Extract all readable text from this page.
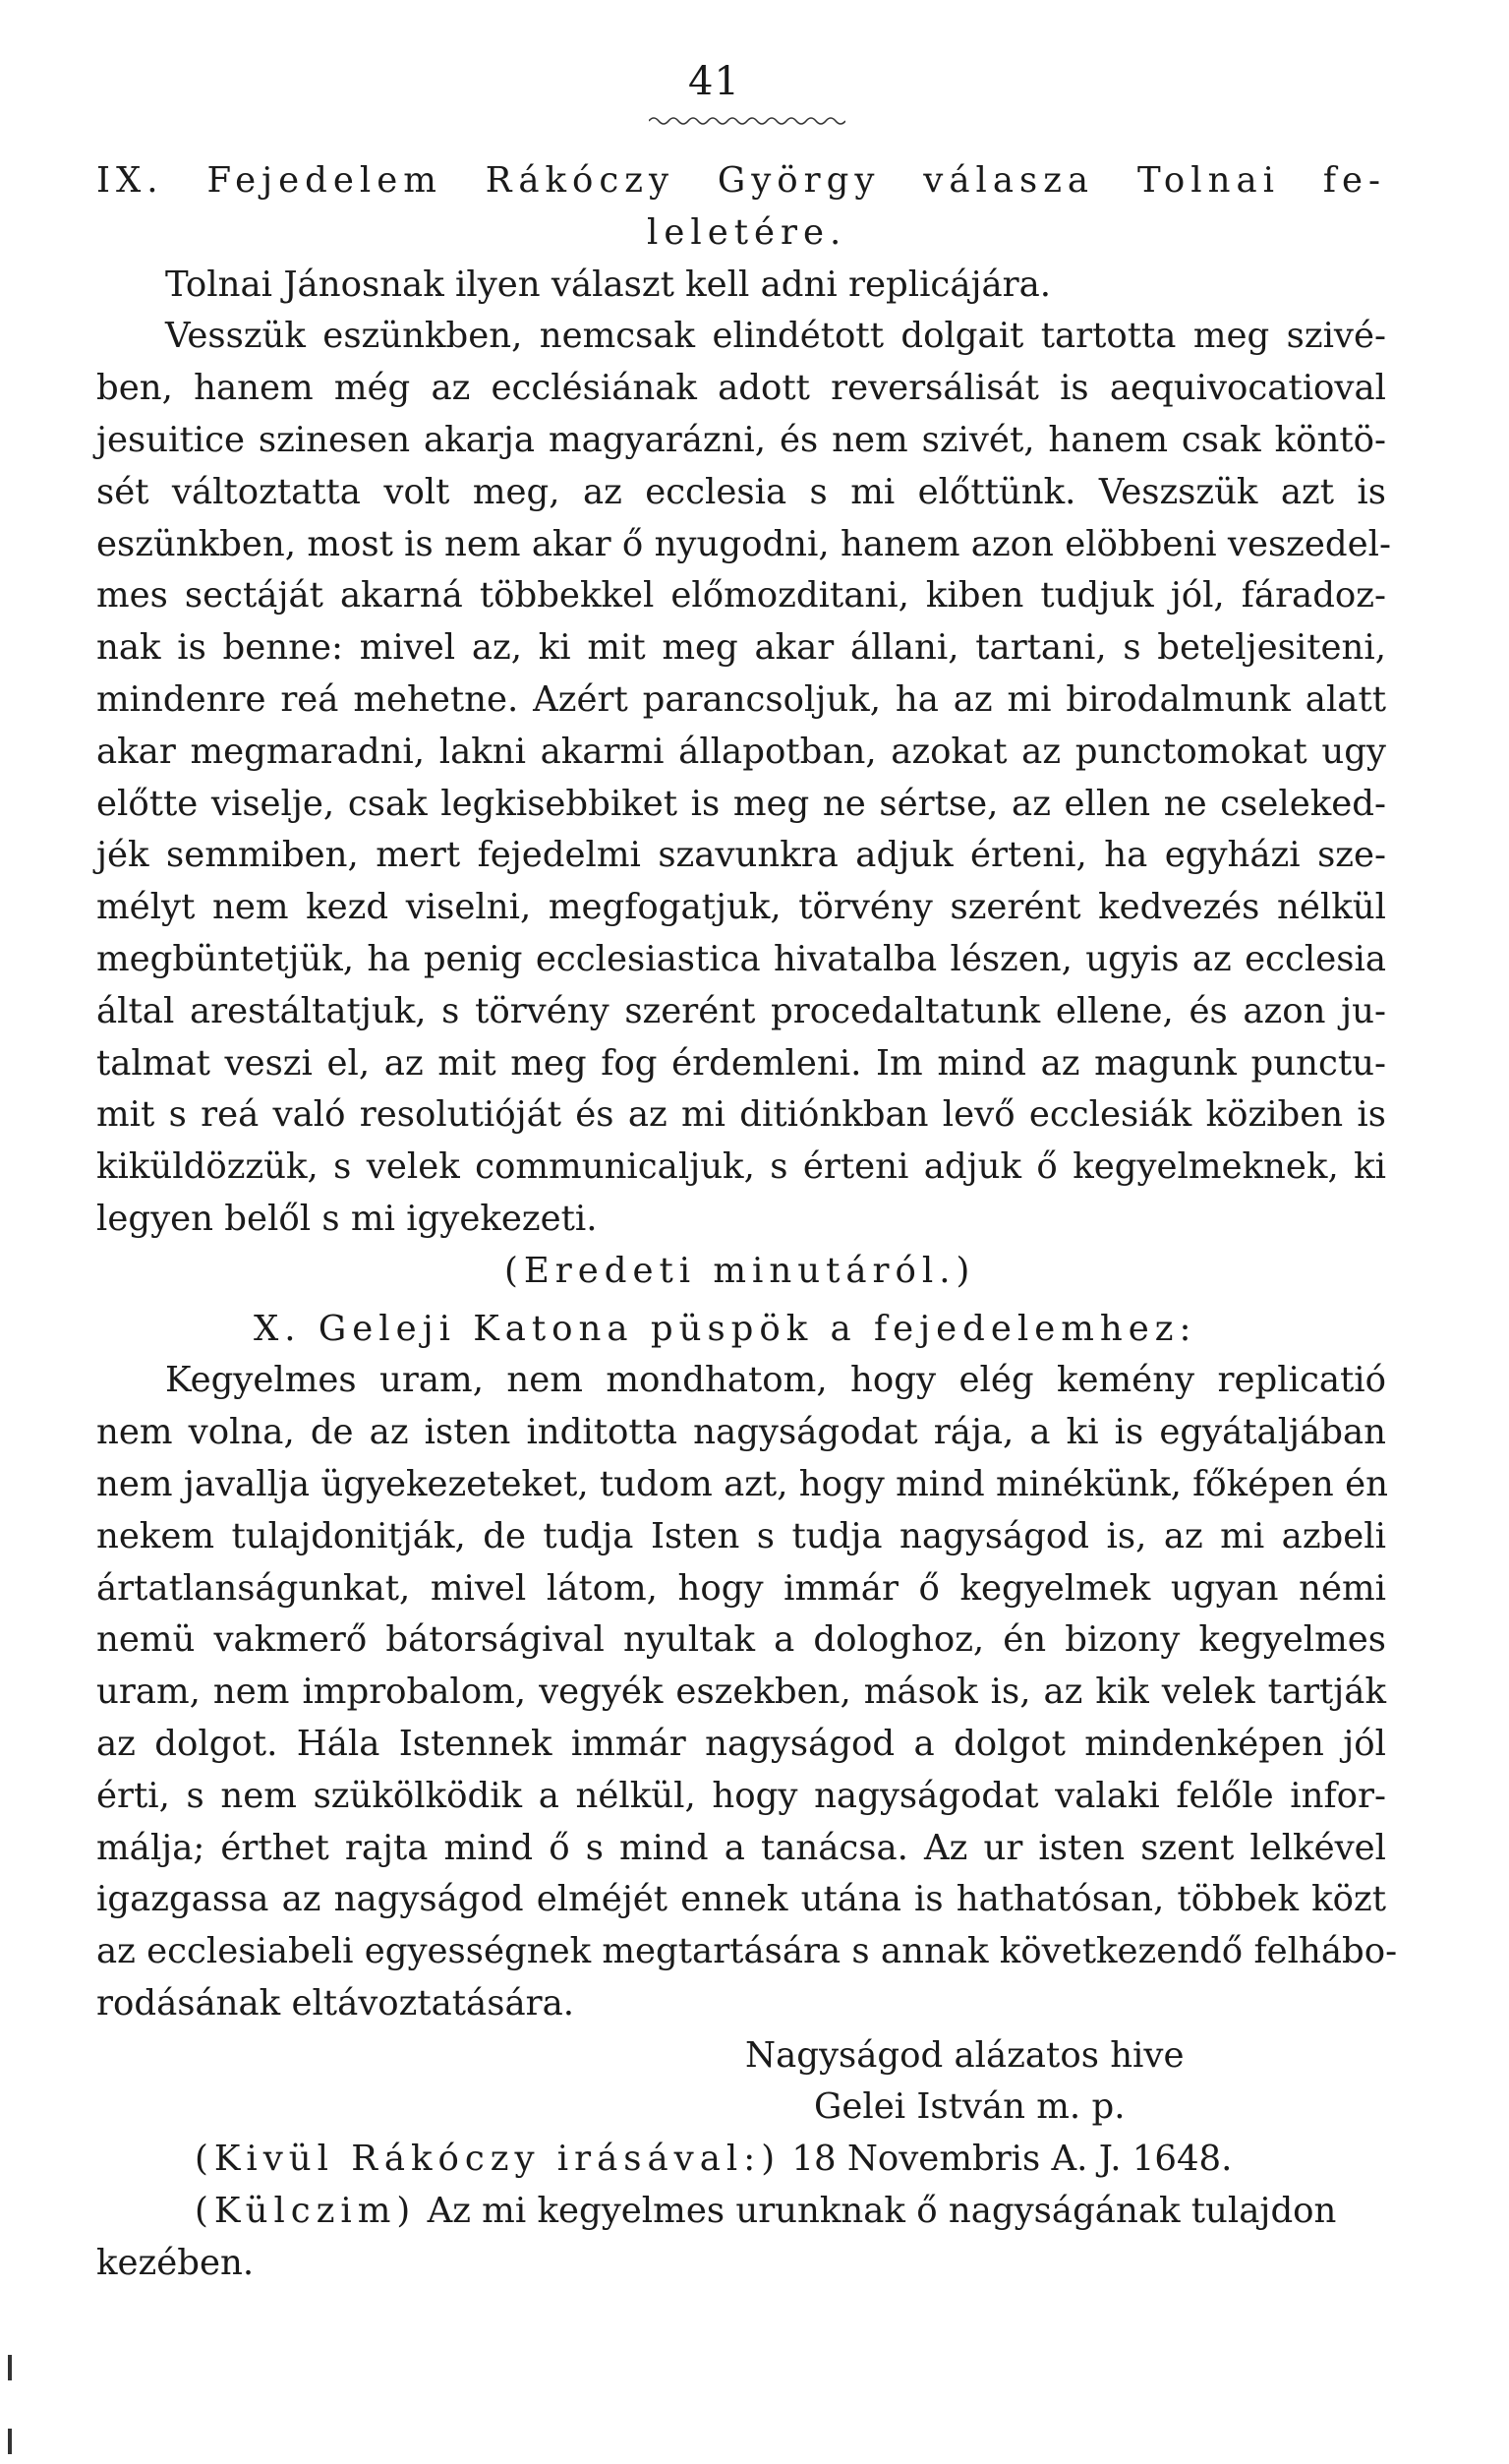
41
IX. Fejedelem Rákóczy György válasza Tolnai fe-
leletére.
Tolnai Jánosnak ilyen választ kell adni replicájára.
Vesszük eszünkben, nemcsak elindétott dolgait tartotta meg szivé-
ben, hanem még az ecclésiának adott reversálisát is aequivocatioval
jesuitice szinesen akarja magyarázni, és nem szivét, hanem csak köntö-
sét változtatta volt meg, az ecclesia s mi előttünk. Veszszük azt is
eszünkben, most is nem akar ő nyugodni, hanem azon elöbbeni veszedel-
mes sectáját akarná többekkel előmozditani, kiben tudjuk jól, fáradoz-
nak is benne: mivel az, ki mit meg akar állani, tartani, s beteljesiteni,
mindenre reá mehetne. Azért parancsoljuk, ha az mi birodalmunk alatt
akar megmaradni, lakni akarmi állapotban, azokat az punctomokat ugy
előtte viselje, csak legkisebbiket is meg ne sértse, az ellen ne cseleked-
jék semmiben, mert fejedelmi szavunkra adjuk érteni, ha egyházi sze-
mélyt nem kezd viselni, megfogatjuk, törvény szerént kedvezés nélkül
megbüntetjük, ha penig ecclesiastica hivatalba lészen, ugyis az ecclesia
által arestáltatjuk, s törvény szerént procedaltatunk ellene, és azon ju-
talmat veszi el, az mit meg fog érdemleni. Im mind az magunk punctu-
mit s reá való resolutióját és az mi ditiónkban levő ecclesiák köziben is
kiküldözzük, s velek communicaljuk, s érteni adjuk ő kegyelmeknek, ki
legyen belől s mi igyekezeti.
(Eredeti minutáról.)
X. Geleji Katona püspök a fejedelemhez:
Kegyelmes uram, nem mondhatom, hogy elég kemény replicatió
nem volna, de az isten inditotta nagyságodat rája, a ki is egyátaljában
nem javallja ügyekezeteket, tudom azt, hogy mind minékünk, főképen én
nekem tulajdonitják, de tudja Isten s tudja nagyságod is, az mi azbeli
ártatlanságunkat, mivel látom, hogy immár ő kegyelmek ugyan némi
nemü vakmerő bátorságival nyultak a dologhoz, én bizony kegyelmes
uram, nem improbalom, vegyék eszekben, mások is, az kik velek tartják
az dolgot. Hála Istennek immár nagyságod a dolgot mindenképen jól
érti, s nem szükölködik a nélkül, hogy nagyságodat valaki felőle infor-
málja; érthet rajta mind ő s mind a tanácsa. Az ur isten szent lelkével
igazgassa az nagyságod elméjét ennek utána is hathatósan, többek közt
az ecclesiabeli egyességnek megtartására s annak következendő felhábo-
rodásának eltávoztatására.
Nagyságod alázatos hive
Gelei István m. p.
(Kivül Rákóczy irásával:) 18 Novembris A. J. 1648.
(Külczim) Az mi kegyelmes urunknak ő nagyságának tulajdon
kezében.
